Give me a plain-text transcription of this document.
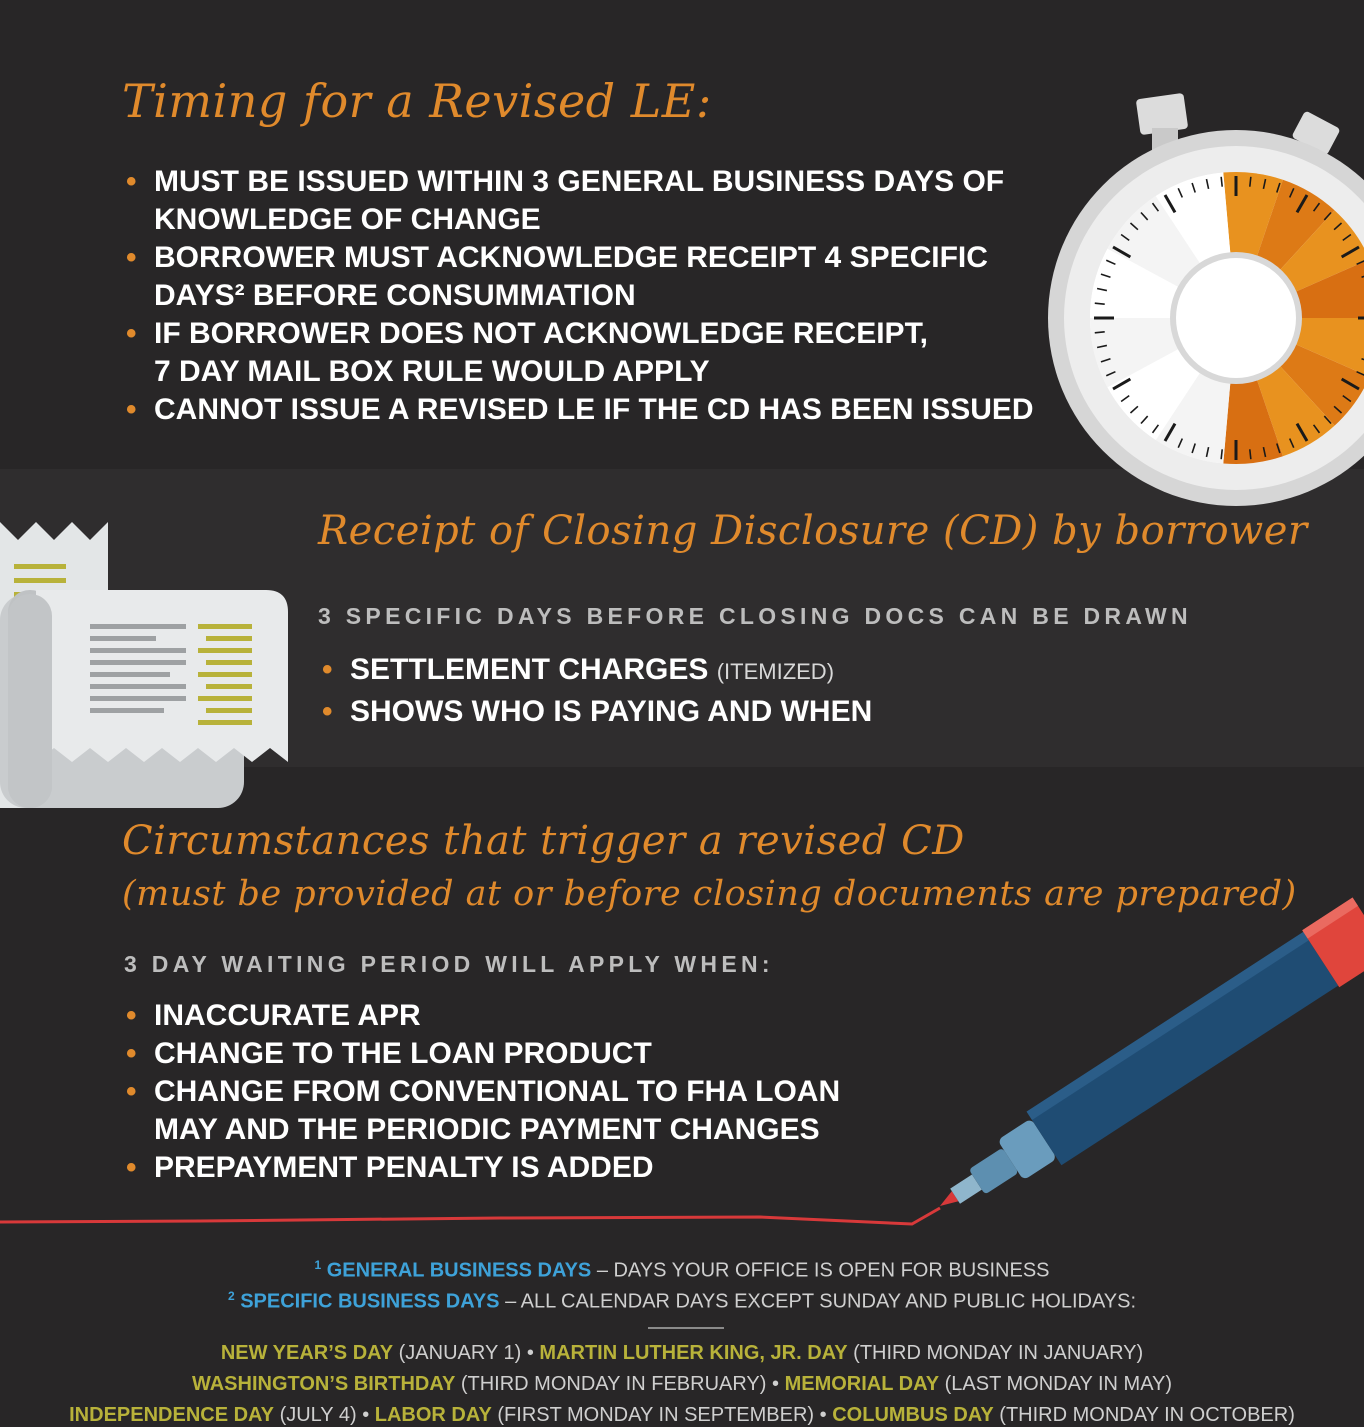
Timing for a Revised LE:
• MUST BE ISSUED WITHIN 3 GENERAL BUSINESS DAYS OF
KNOWLEDGE OF CHANGE
• BORROWER MUST ACKNOWLEDGE RECEIPT 4 SPECIFIC
DAYS² BEFORE CONSUMMATION
• IF BORROWER DOES NOT ACKNOWLEDGE RECEIPT,
7 DAY MAIL BOX RULE WOULD APPLY
• CANNOT ISSUE A REVISED LE IF THE CD HAS BEEN ISSUED
Receipt of Closing Disclosure (CD) by borrower
3 SPECIFIC DAYS BEFORE CLOSING DOCS CAN BE DRAWN
• SETTLEMENT CHARGES (ITEMIZED)
• SHOWS WHO IS PAYING AND WHEN
Circumstances that trigger a revised CD
(must be provided at or before closing documents are prepared)
3 DAY WAITING PERIOD WILL APPLY WHEN:
• INACCURATE APR
• CHANGE TO THE LOAN PRODUCT
• CHANGE FROM CONVENTIONAL TO FHA LOAN
MAY AND THE PERIODIC PAYMENT CHANGES
• PREPAYMENT PENALTY IS ADDED
$^1$ GENERAL BUSINESS DAYS – DAYS YOUR OFFICE IS OPEN FOR BUSINESS
$^2$ SPECIFIC BUSINESS DAYS – ALL CALENDAR DAYS EXCEPT SUNDAY AND PUBLIC HOLIDAYS:
NEW YEAR’S DAY (JANUARY 1) • MARTIN LUTHER KING, JR. DAY (THIRD MONDAY IN JANUARY)
WASHINGTON’S BIRTHDAY (THIRD MONDAY IN FEBRUARY) • MEMORIAL DAY (LAST MONDAY IN MAY)
INDEPENDENCE DAY (JULY 4) • LABOR DAY (FIRST MONDAY IN SEPTEMBER) • COLUMBUS DAY (THIRD MONDAY IN OCTOBER)
